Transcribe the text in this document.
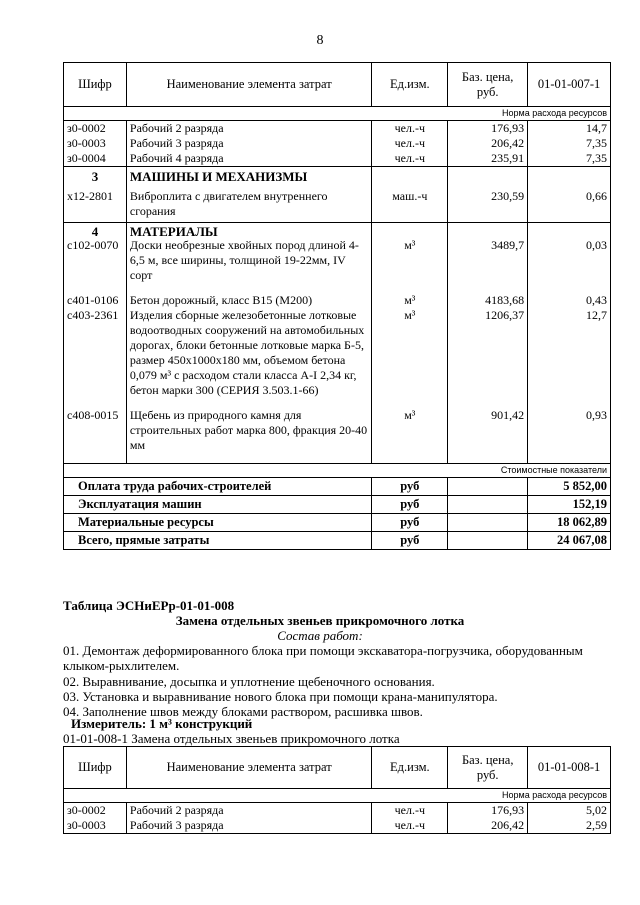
8
Шифр	Наименование элемента затрат	Ед.изм.	Баз. цена, руб.	01-01-007-1
Норма расхода ресурсов				
з0-0002	Рабочий 2 разряда	чел.-ч	176,93	14,7
з0-0003	Рабочий 3 разряда	чел.-ч	206,42	7,35
з0-0004	Рабочий 4 разряда	чел.-ч	235,91	7,35
3	МАШИНЫ И МЕХАНИЗМЫ			
х12-2801	Виброплита с двигателем внутреннего сгорания	маш.-ч	230,59	0,66
4	МАТЕРИАЛЫ			
с102-0070	Доски необрезные хвойных пород длиной 4-6,5 м, все ширины, толщиной 19-22мм, IV сорт	м³	3489,7	0,03
с401-0106	Бетон дорожный, класс B15 (M200)	м³	4183,68	0,43
с403-2361	Изделия сборные железобетонные лотковые водоотводных сооружений на автомобильных дорогах, блоки бетонные лотковые марка Б-5, размер 450х1000х180 мм, объемом бетона 0,079 м³ с расходом стали класса А-I 2,34 кг, бетон марки 300 (СЕРИЯ 3.503.1-66)	м³	1206,37	12,7
с408-0015	Щебень из природного камня для строительных работ марка 800, фракция 20-40 мм	м³	901,42	0,93

Стоимостные показатели				
Оплата труда рабочих-строителей		руб		5 852,00
Эксплуатация машин		руб		152,19
Материальные ресурсы		руб		18 062,89
Всего, прямые затраты		руб		24 067,08
Таблица ЭСНиЕРр-01-01-008
Замена отдельных звеньев прикромочного лотка
Состав работ:
01. Демонтаж деформированного блока при помощи экскаватора-погрузчика, оборудованным
клыком-рыхлителем.
02. Выравнивание, досыпка и уплотнение щебеночного основания.
03. Установка и выравнивание нового блока при помощи крана-манипулятора.
04. Заполнение швов между блоками раствором, расшивка швов.
Измеритель: 1 м³ конструкций
01-01-008-1 Замена отдельных звеньев прикромочного лотка
Шифр	Наименование элемента затрат	Ед.изм.	Баз. цена, руб.	01-01-008-1
Норма расхода ресурсов				
з0-0002	Рабочий 2 разряда	чел.-ч	176,93	5,02
з0-0003	Рабочий 3 разряда	чел.-ч	206,42	2,59
